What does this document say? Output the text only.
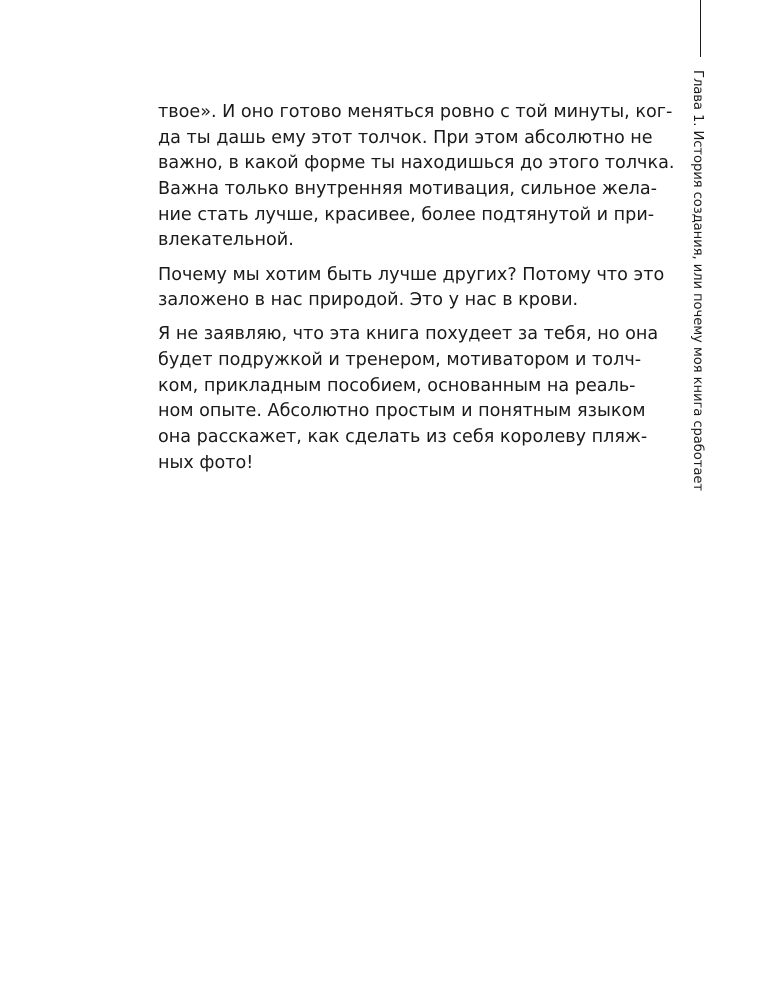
Глава 1. История создания, или почему моя книга сработает
твое». И оно готово меняться ровно с той минуты, ког-
да ты дашь ему этот толчок. При этом абсолютно не
важно, в какой форме ты находишься до этого толчка.
Важна только внутренняя мотивация, сильное жела-
ние стать лучше, красивее, более подтянутой и при-
влекательной.
Почему мы хотим быть лучше других? Потому что это
заложено в нас природой. Это у нас в крови.
Я не заявляю, что эта книга похудеет за тебя, но она
будет подружкой и тренером, мотиватором и толч-
ком, прикладным пособием, основанным на реаль-
ном опыте. Абсолютно простым и понятным языком
она расскажет, как сделать из себя королеву пляж-
ных фото!
